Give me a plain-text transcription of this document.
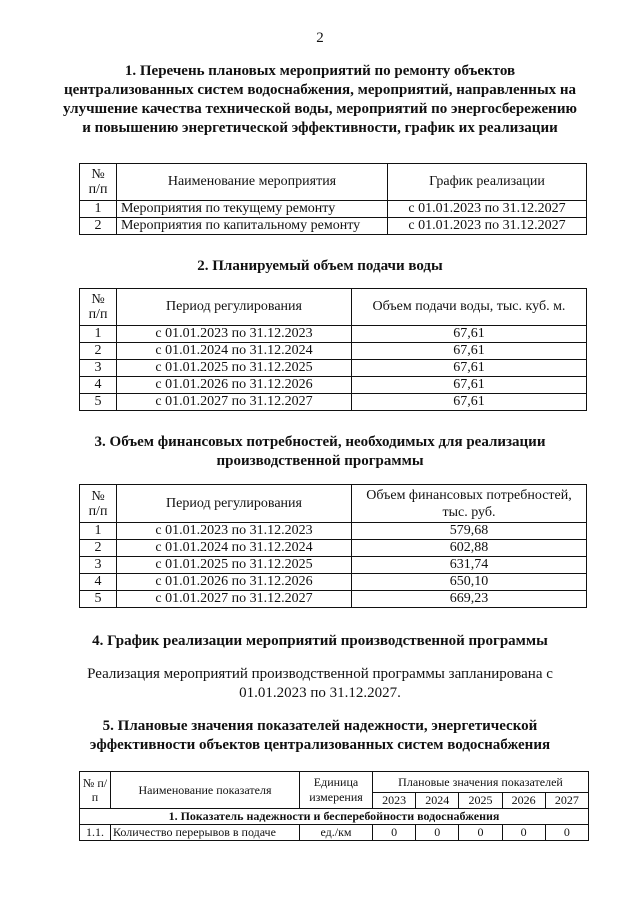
2
1. Перечень плановых мероприятий по ремонту объектов централизованных систем водоснабжения, мероприятий, направленных на улучшение качества технической воды, мероприятий по энергосбережению и повышению энергетической эффективности, график их реализации
№ п/п	Наименование мероприятия	График реализации
1	Мероприятия по текущему ремонту	с 01.01.2023 по 31.12.2027
2	Мероприятия по капитальному ремонту	с 01.01.2023 по 31.12.2027
2. Планируемый объем подачи воды
№ п/п	Период регулирования	Объем подачи воды, тыс. куб. м.
1	с 01.01.2023 по 31.12.2023	67,61
2	с 01.01.2024 по 31.12.2024	67,61
3	с 01.01.2025 по 31.12.2025	67,61
4	с 01.01.2026 по 31.12.2026	67,61
5	с 01.01.2027 по 31.12.2027	67,61
3. Объем финансовых потребностей, необходимых для реализации производственной программы
№ п/п	Период регулирования	Объем финансовых потребностей, тыс. руб.
1	с 01.01.2023 по 31.12.2023	579,68
2	с 01.01.2024 по 31.12.2024	602,88
3	с 01.01.2025 по 31.12.2025	631,74
4	с 01.01.2026 по 31.12.2026	650,10
5	с 01.01.2027 по 31.12.2027	669,23
4. График реализации мероприятий производственной программы
Реализация мероприятий производственной программы запланирована с 01.01.2023 по 31.12.2027.
5. Плановые значения показателей надежности, энергетической эффективности объектов централизованных систем водоснабжения
№ п/п	Наименование показателя	Единица измерения	Плановые значения показателей				
			2023	2024	2025	2026	2027
1. Показатель надежности и бесперебойности водоснабжения							
1.1.	Количество перерывов в подаче	ед./км	0	0	0	0	0
